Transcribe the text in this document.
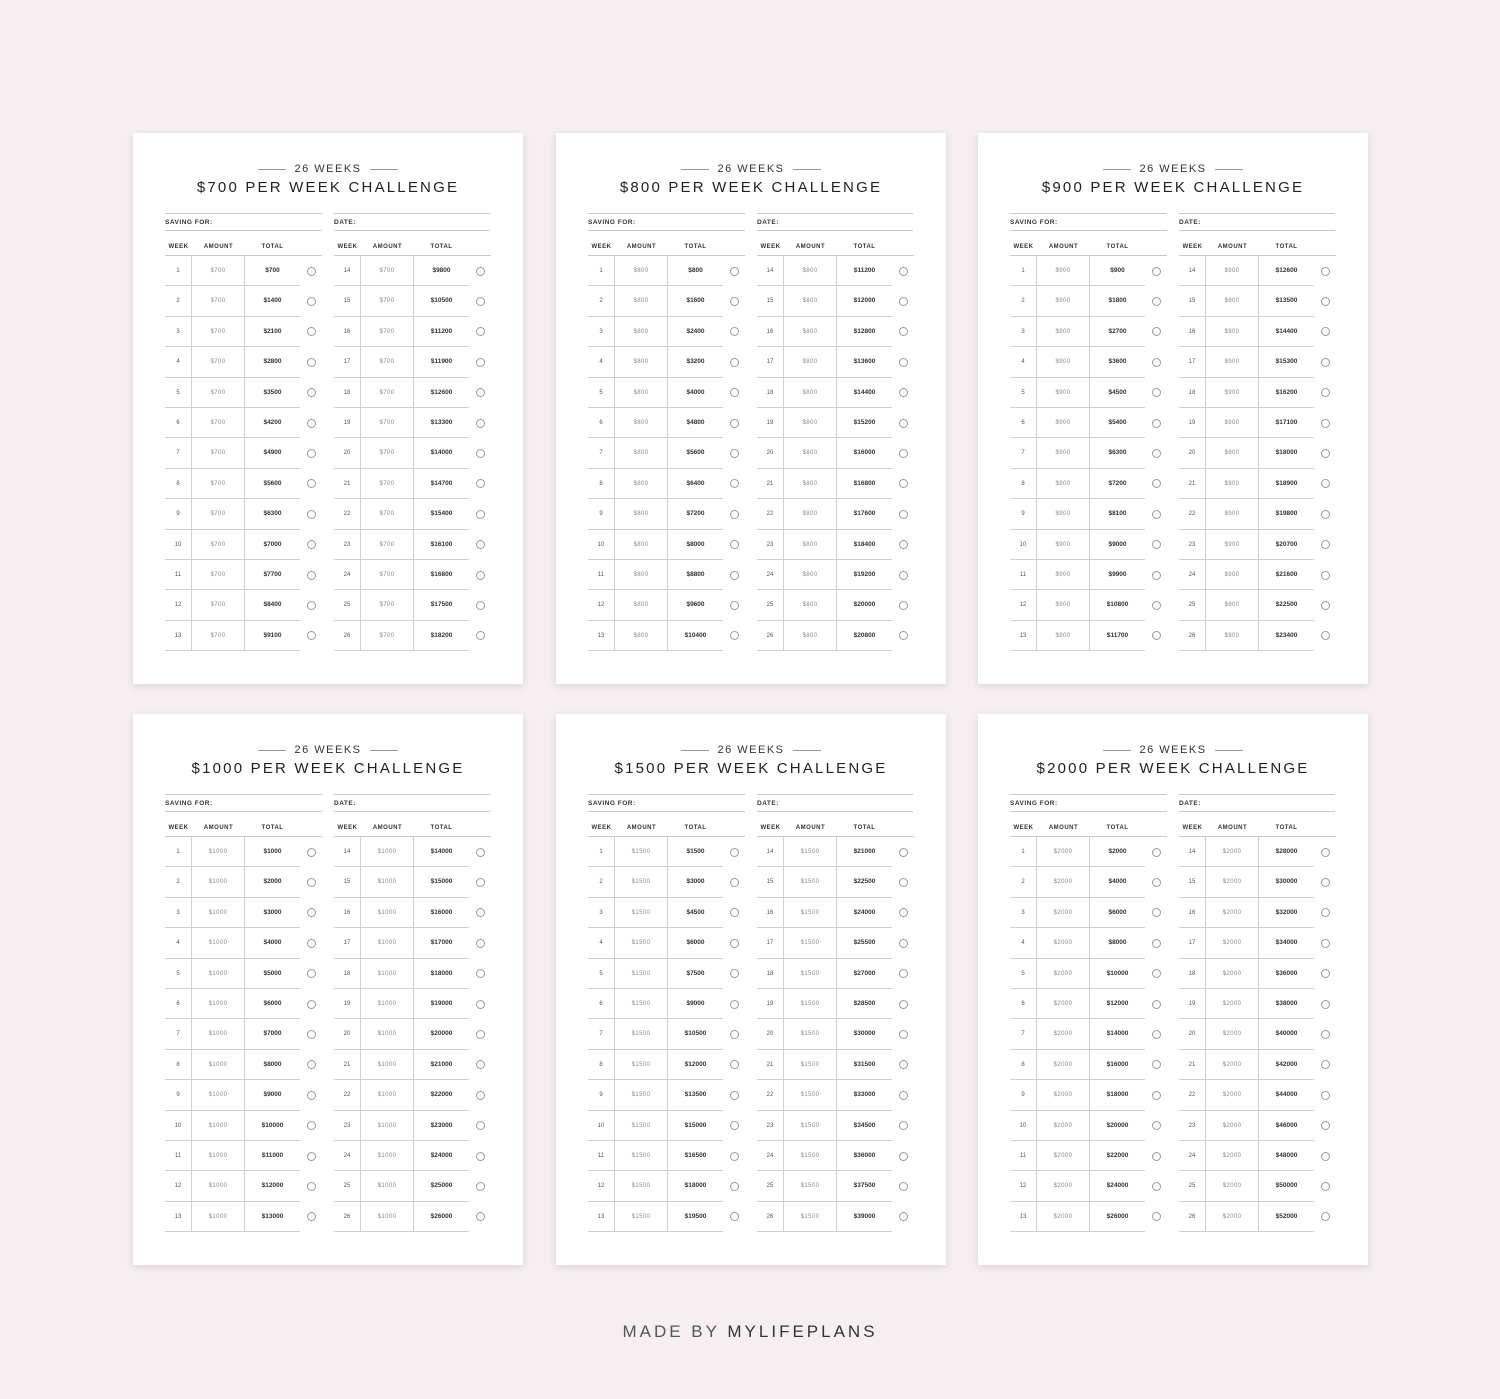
26 WEEKS
$700 PER WEEK CHALLENGE
SAVING FOR:	DATE:
WEEK	AMOUNT	TOTAL
1	$700	$700
2	$700	$1400
3	$700	$2100
4	$700	$2800
5	$700	$3500
6	$700	$4200
7	$700	$4900
8	$700	$5600
9	$700	$6300
10	$700	$7000
11	$700	$7700
12	$700	$8400
13	$700	$9100
WEEK	AMOUNT	TOTAL
14	$700	$9800
15	$700	$10500
16	$700	$11200
17	$700	$11900
18	$700	$12600
19	$700	$13300
20	$700	$14000
21	$700	$14700
22	$700	$15400
23	$700	$16100
24	$700	$16800
25	$700	$17500
26	$700	$18200
26 WEEKS
$800 PER WEEK CHALLENGE
SAVING FOR:	DATE:
WEEK	AMOUNT	TOTAL
1	$800	$800
2	$800	$1600
3	$800	$2400
4	$800	$3200
5	$800	$4000
6	$800	$4800
7	$800	$5600
8	$800	$6400
9	$800	$7200
10	$800	$8000
11	$800	$8800
12	$800	$9600
13	$800	$10400
WEEK	AMOUNT	TOTAL
14	$800	$11200
15	$800	$12000
16	$800	$12800
17	$800	$13600
18	$800	$14400
19	$800	$15200
20	$800	$16000
21	$800	$16800
22	$800	$17600
23	$800	$18400
24	$800	$19200
25	$800	$20000
26	$800	$20800
26 WEEKS
$900 PER WEEK CHALLENGE
SAVING FOR:	DATE:
WEEK	AMOUNT	TOTAL
1	$900	$900
2	$900	$1800
3	$900	$2700
4	$900	$3600
5	$900	$4500
6	$900	$5400
7	$900	$6300
8	$900	$7200
9	$900	$8100
10	$900	$9000
11	$900	$9900
12	$900	$10800
13	$900	$11700
WEEK	AMOUNT	TOTAL
14	$900	$12600
15	$900	$13500
16	$900	$14400
17	$900	$15300
18	$900	$16200
19	$900	$17100
20	$900	$18000
21	$900	$18900
22	$900	$19800
23	$900	$20700
24	$900	$21600
25	$900	$22500
26	$900	$23400
26 WEEKS
$1000 PER WEEK CHALLENGE
SAVING FOR:	DATE:
WEEK	AMOUNT	TOTAL
1	$1000	$1000
2	$1000	$2000
3	$1000	$3000
4	$1000	$4000
5	$1000	$5000
6	$1000	$6000
7	$1000	$7000
8	$1000	$8000
9	$1000	$9000
10	$1000	$10000
11	$1000	$11000
12	$1000	$12000
13	$1000	$13000
WEEK	AMOUNT	TOTAL
14	$1000	$14000
15	$1000	$15000
16	$1000	$16000
17	$1000	$17000
18	$1000	$18000
19	$1000	$19000
20	$1000	$20000
21	$1000	$21000
22	$1000	$22000
23	$1000	$23000
24	$1000	$24000
25	$1000	$25000
26	$1000	$26000
26 WEEKS
$1500 PER WEEK CHALLENGE
SAVING FOR:	DATE:
WEEK	AMOUNT	TOTAL
1	$1500	$1500
2	$1500	$3000
3	$1500	$4500
4	$1500	$6000
5	$1500	$7500
6	$1500	$9000
7	$1500	$10500
8	$1500	$12000
9	$1500	$13500
10	$1500	$15000
11	$1500	$16500
12	$1500	$18000
13	$1500	$19500
WEEK	AMOUNT	TOTAL
14	$1500	$21000
15	$1500	$22500
16	$1500	$24000
17	$1500	$25500
18	$1500	$27000
19	$1500	$28500
20	$1500	$30000
21	$1500	$31500
22	$1500	$33000
23	$1500	$34500
24	$1500	$36000
25	$1500	$37500
26	$1500	$39000
26 WEEKS
$2000 PER WEEK CHALLENGE
SAVING FOR:	DATE:
WEEK	AMOUNT	TOTAL
1	$2000	$2000
2	$2000	$4000
3	$2000	$6000
4	$2000	$8000
5	$2000	$10000
6	$2000	$12000
7	$2000	$14000
8	$2000	$16000
9	$2000	$18000
10	$2000	$20000
11	$2000	$22000
12	$2000	$24000
13	$2000	$26000
WEEK	AMOUNT	TOTAL
14	$2000	$28000
15	$2000	$30000
16	$2000	$32000
17	$2000	$34000
18	$2000	$36000
19	$2000	$38000
20	$2000	$40000
21	$2000	$42000
22	$2000	$44000
23	$2000	$46000
24	$2000	$48000
25	$2000	$50000
26	$2000	$52000
MADE BY MYLIFEPLANS
